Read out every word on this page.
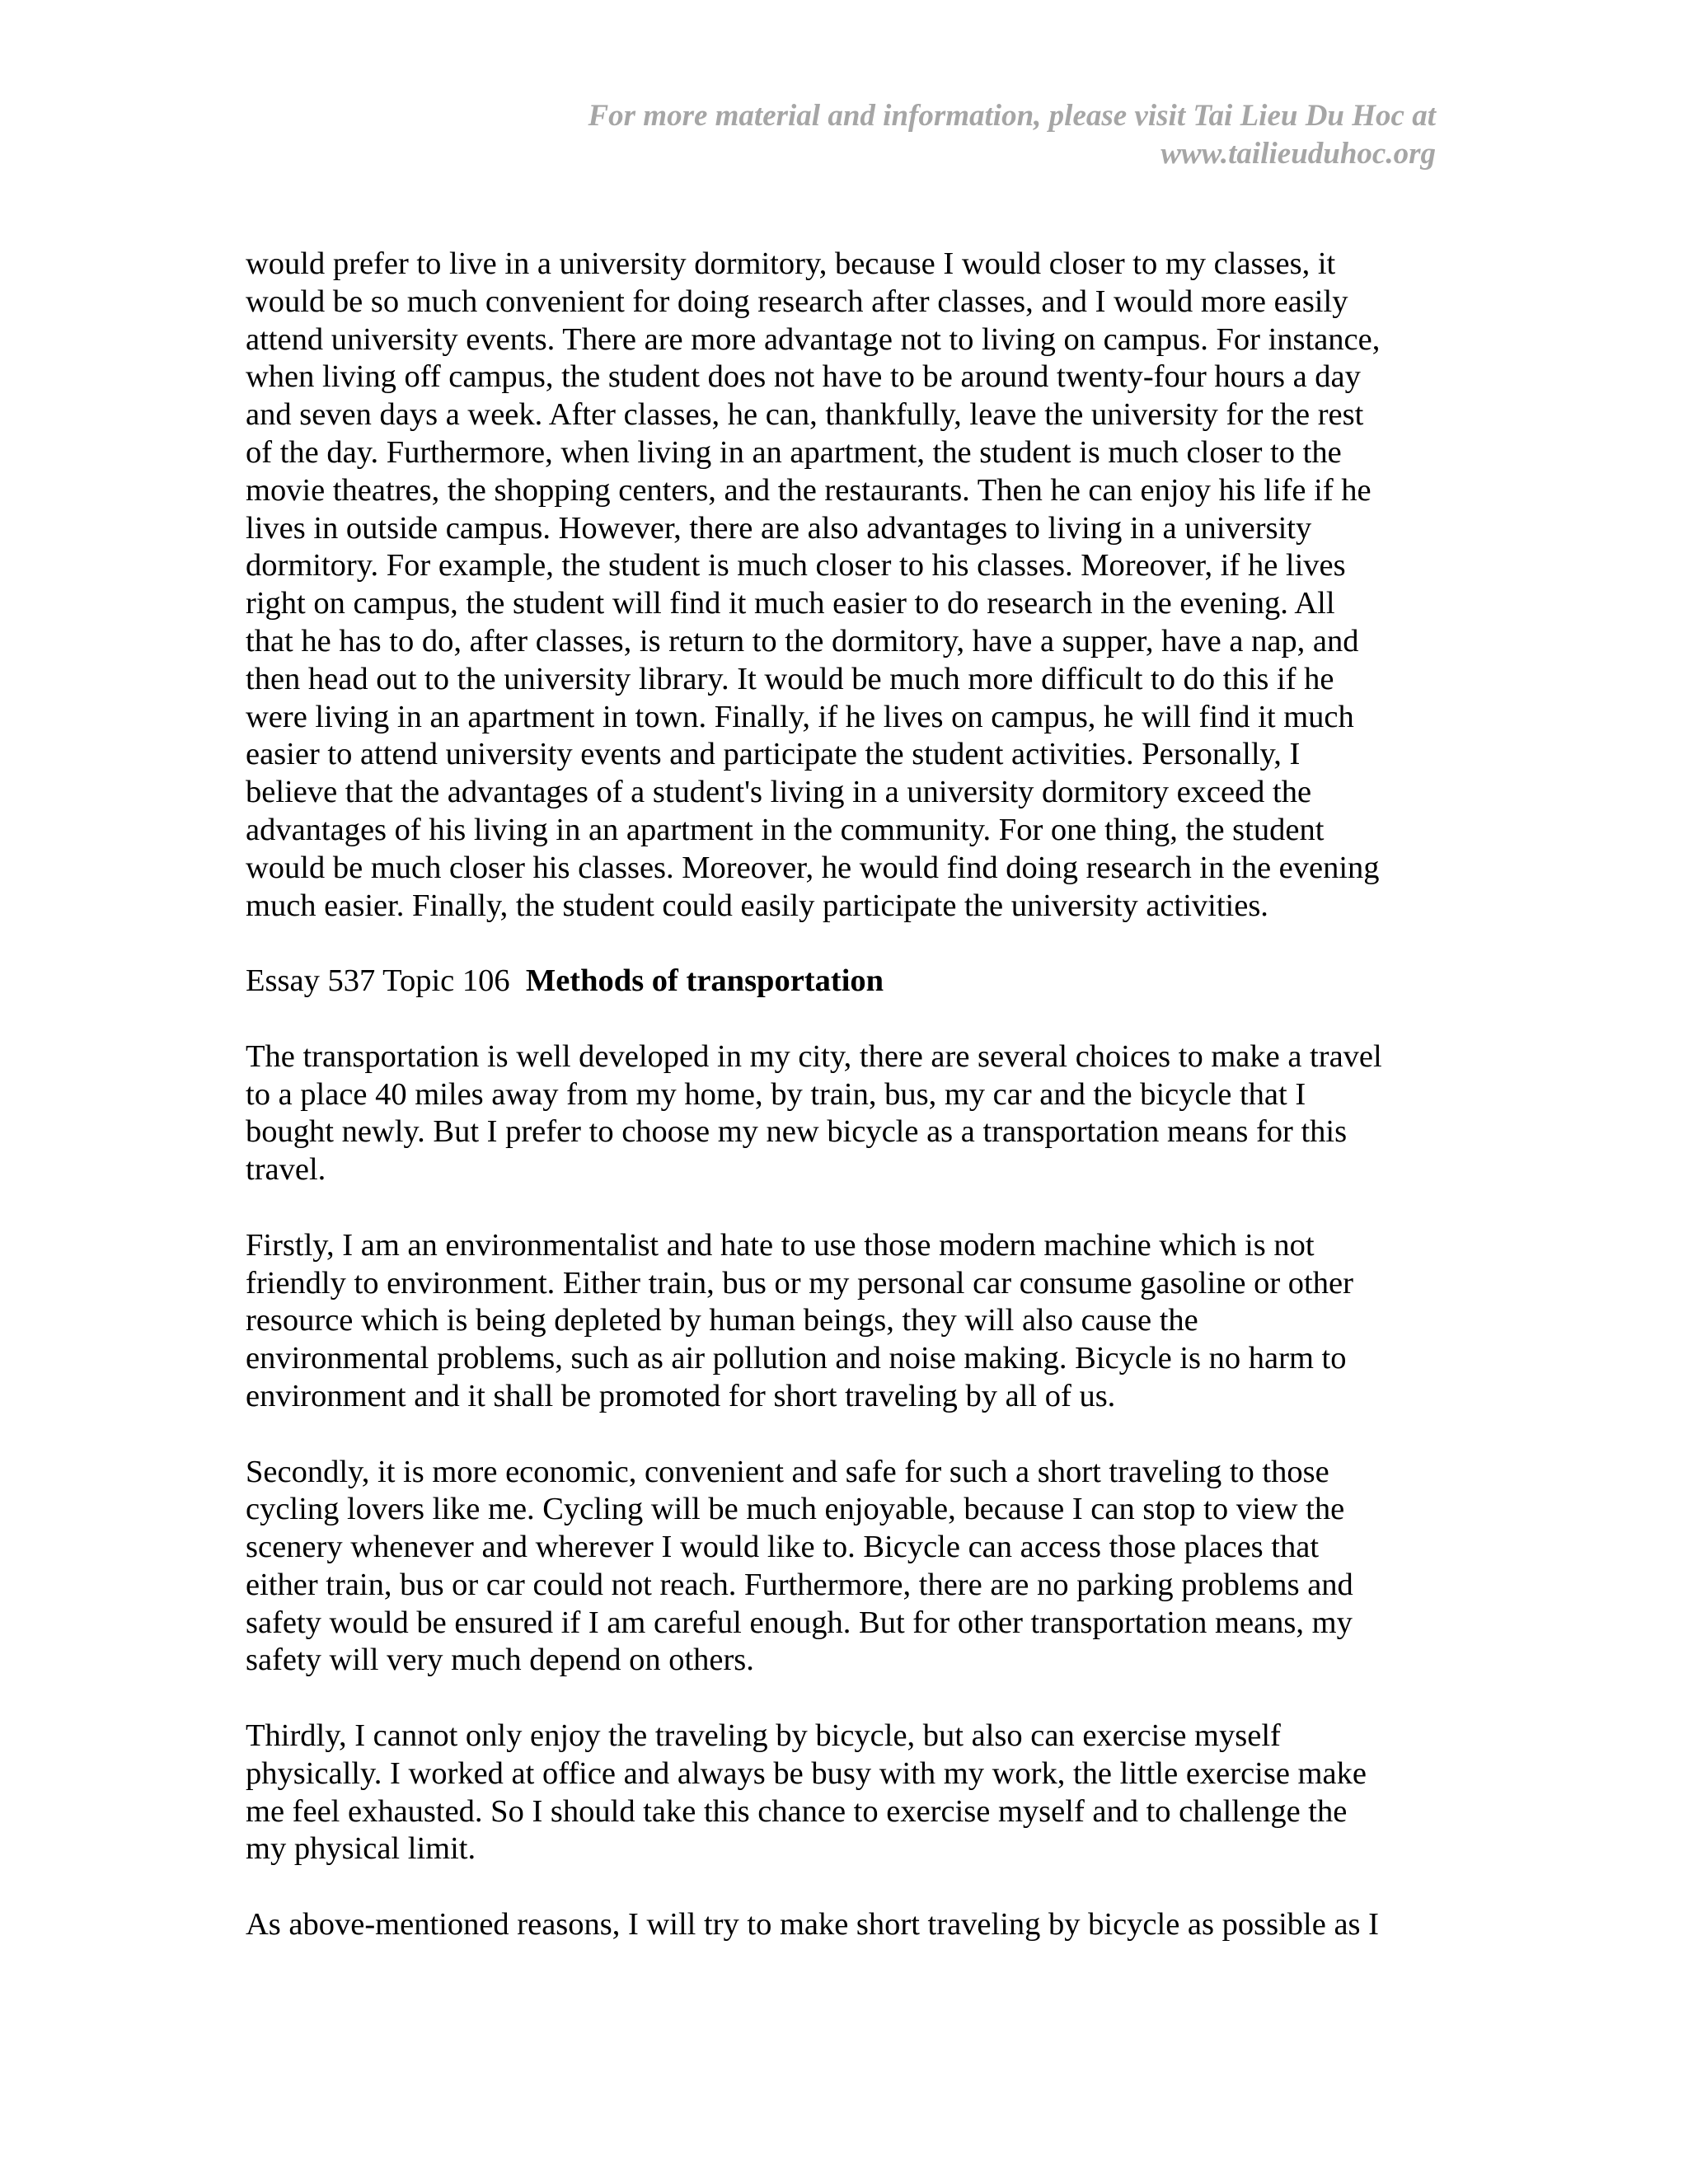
For more material and information, please visit Tai Lieu Du Hoc at
www.tailieuduhoc.org

would prefer to live in a university dormitory, because I would closer to my classes, it
would be so much convenient for doing research after classes, and I would more easily
attend university events. There are more advantage not to living on campus. For instance,
when living off campus, the student does not have to be around twenty-four hours a day
and seven days a week. After classes, he can, thankfully, leave the university for the rest
of the day. Furthermore, when living in an apartment, the student is much closer to the
movie theatres, the shopping centers, and the restaurants. Then he can enjoy his life if he
lives in outside campus. However, there are also advantages to living in a university
dormitory. For example, the student is much closer to his classes. Moreover, if he lives
right on campus, the student will find it much easier to do research in the evening. All
that he has to do, after classes, is return to the dormitory, have a supper, have a nap, and
then head out to the university library. It would be much more difficult to do this if he
were living in an apartment in town. Finally, if he lives on campus, he will find it much
easier to attend university events and participate the student activities. Personally, I
believe that the advantages of a student's living in a university dormitory exceed the
advantages of his living in an apartment in the community. For one thing, the student
would be much closer his classes. Moreover, he would find doing research in the evening
much easier. Finally, the student could easily participate the university activities.

Essay 537 Topic 106 Methods of transportation

The transportation is well developed in my city, there are several choices to make a travel
to a place 40 miles away from my home, by train, bus, my car and the bicycle that I
bought newly. But I prefer to choose my new bicycle as a transportation means for this
travel.

Firstly, I am an environmentalist and hate to use those modern machine which is not
friendly to environment. Either train, bus or my personal car consume gasoline or other
resource which is being depleted by human beings, they will also cause the
environmental problems, such as air pollution and noise making. Bicycle is no harm to
environment and it shall be promoted for short traveling by all of us.

Secondly, it is more economic, convenient and safe for such a short traveling to those
cycling lovers like me. Cycling will be much enjoyable, because I can stop to view the
scenery whenever and wherever I would like to. Bicycle can access those places that
either train, bus or car could not reach. Furthermore, there are no parking problems and
safety would be ensured if I am careful enough. But for other transportation means, my
safety will very much depend on others.

Thirdly, I cannot only enjoy the traveling by bicycle, but also can exercise myself
physically. I worked at office and always be busy with my work, the little exercise make
me feel exhausted. So I should take this chance to exercise myself and to challenge the
my physical limit.

As above-mentioned reasons, I will try to make short traveling by bicycle as possible as I
